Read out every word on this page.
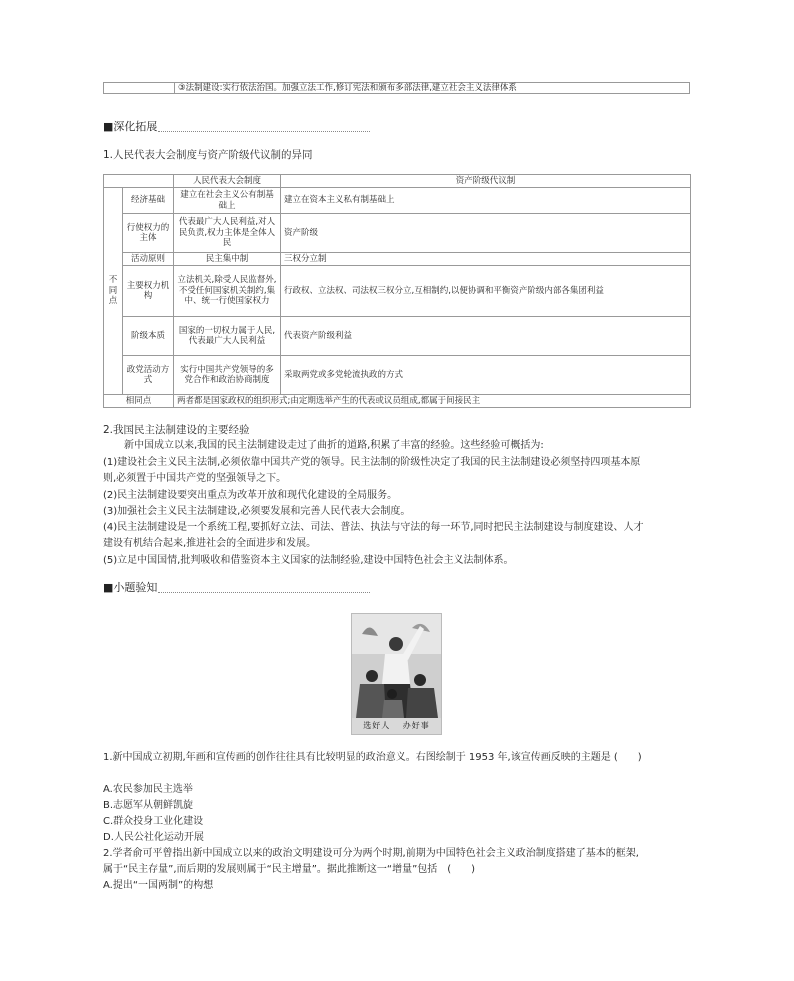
③法制建设:实行依法治国。加强立法工作,修订宪法和颁布多部法律,建立社会主义法律体系
■深化拓展
1.人民代表大会制度与资产阶级代议制的异同
		人民代表大会制度	资产阶级代议制
不同点	经济基础	建立在社会主义公有制基础上	建立在资本主义私有制基础上
	行使权力的主体	代表最广大人民利益,对人民负责,权力主体是全体人民	资产阶级
	活动原则	民主集中制	三权分立制
	主要权力机构	立法机关,除受人民监督外,不受任何国家机关制约,集中、统一行使国家权力	行政权、立法权、司法权三权分立,互相制约,以便协调和平衡资产阶级内部各集团利益
	阶级本质	国家的一切权力属于人民,代表最广大人民利益	代表资产阶级利益
	政党活动方式	实行中国共产党领导的多党合作和政治协商制度	采取两党或多党轮流执政的方式
相同点		两者都是国家政权的组织形式;由定期选举产生的代表或议员组成,都属于间接民主	
2.我国民主法制建设的主要经验
新中国成立以来,我国的民主法制建设走过了曲折的道路,积累了丰富的经验。这些经验可概括为:
(1)建设社会主义民主法制,必须依靠中国共产党的领导。民主法制的阶级性决定了我国的民主法制建设必须坚持四项基本原
则,必须置于中国共产党的坚强领导之下。
(2)民主法制建设要突出重点为改革开放和现代化建设的全局服务。
(3)加强社会主义民主法制建设,必须要发展和完善人民代表大会制度。
(4)民主法制建设是一个系统工程,要抓好立法、司法、普法、执法与守法的每一环节,同时把民主法制建设与制度建设、人才
建设有机结合起来,推进社会的全面进步和发展。
(5)立足中国国情,批判吸收和借鉴资本主义国家的法制经验,建设中国特色社会主义法制体系。
■小题验知
选好人　 办好事
1.新中国成立初期,年画和宣传画的创作往往具有比较明显的政治意义。右图绘制于 1953 年,该宣传画反映的主题是 (　　)
A.农民参加民主选举
B.志愿军从朝鲜凯旋
C.群众投身工业化建设
D.人民公社化运动开展
2.学者俞可平曾指出新中国成立以来的政治文明建设可分为两个时期,前期为中国特色社会主义政治制度搭建了基本的框架,
属于“民主存量”,而后期的发展则属于“民主增量”。据此推断这一“增量”包括　(　　)
A.提出“一国两制”的构想
